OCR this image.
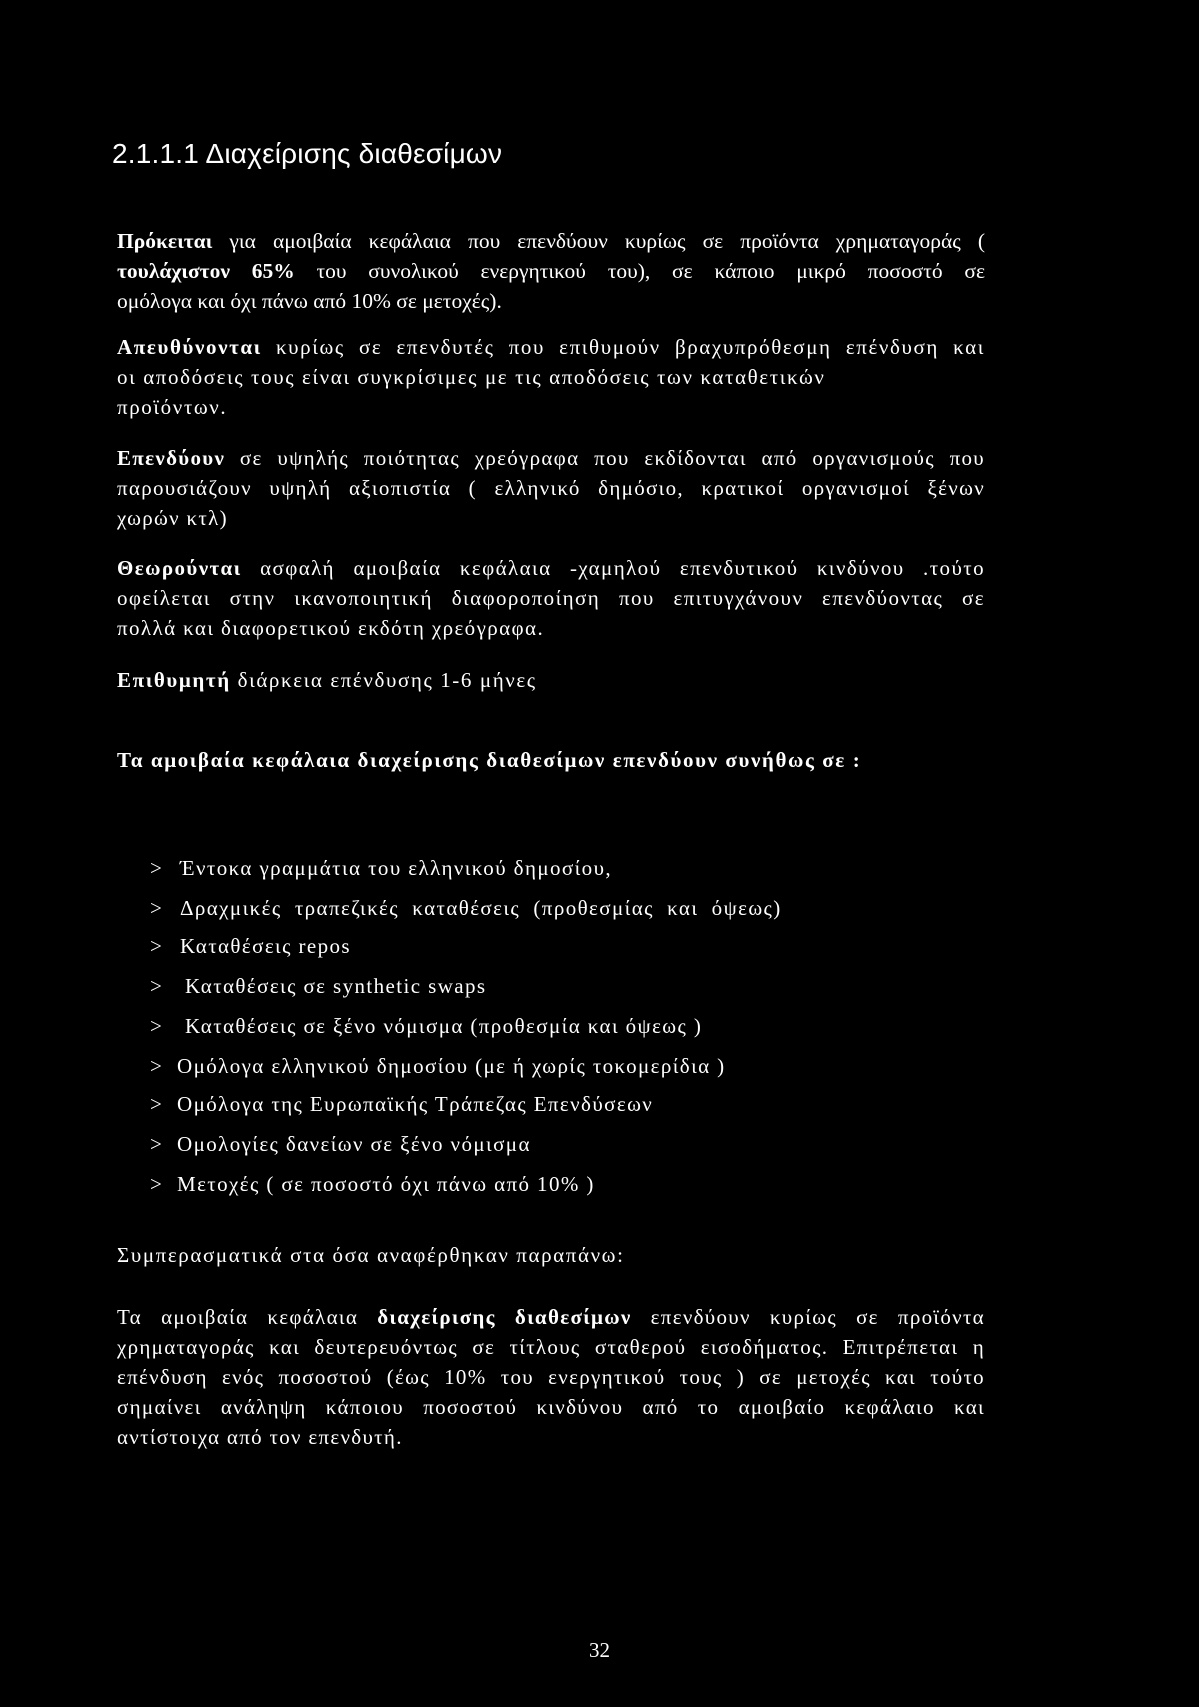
2.1.1.1 Διαχείρισης διαθεσίμων
Πρόκειται για αμοιβαία κεφάλαια που επενδύουν κυρίως σε προϊόντα χρηματαγοράς (
τουλάχιστον 65% του συνολικού ενεργητικού του), σε κάποιο μικρό ποσοστό σε
ομόλογα και όχι πάνω από 10% σε μετοχές).
Απευθύνονται κυρίως σε επενδυτές που επιθυμούν βραχυπρόθεσμη επένδυση και
οι αποδόσεις τους είναι συγκρίσιμες με τις αποδόσεις των καταθετικών
προϊόντων.
Επενδύουν σε υψηλής ποιότητας χρεόγραφα που εκδίδονται από οργανισμούς που
παρουσιάζουν υψηλή αξιοπιστία ( ελληνικό δημόσιο, κρατικοί οργανισμοί ξένων
χωρών κτλ)
Θεωρούνται ασφαλή αμοιβαία κεφάλαια -χαμηλού επενδυτικού κινδύνου .τούτο
οφείλεται στην ικανοποιητική διαφοροποίηση που επιτυγχάνουν επενδύοντας σε
πολλά και διαφορετικού εκδότη χρεόγραφα.
Επιθυμητή διάρκεια επένδυσης 1-6 μήνες
Τα αμοιβαία κεφάλαια διαχείρισης διαθεσίμων επενδύουν συνήθως σε :
> Έντοκα γραμμάτια του ελληνικού δημοσίου,
> Δραχμικές  τραπεζικές  καταθέσεις  (προθεσμίας  και  όψεως)
> Καταθέσεις repos
> Καταθέσεις σε synthetic swaps
> Καταθέσεις σε ξένο νόμισμα (προθεσμία και όψεως )
> Ομόλογα ελληνικού δημοσίου (με ή χωρίς τοκομερίδια )
> Ομόλογα της Ευρωπαϊκής Τράπεζας Επενδύσεων
> Ομολογίες δανείων σε ξένο νόμισμα
> Μετοχές ( σε ποσοστό όχι πάνω από 10% )
Συμπερασματικά στα όσα αναφέρθηκαν παραπάνω:
Τα αμοιβαία κεφάλαια διαχείρισης διαθεσίμων επενδύουν κυρίως σε προϊόντα
χρηματαγοράς και δευτερευόντως σε τίτλους σταθερού εισοδήματος. Επιτρέπεται η
επένδυση ενός ποσοστού (έως 10% του ενεργητικού τους ) σε μετοχές και τούτο
σημαίνει ανάληψη κάποιου ποσοστού κινδύνου από το αμοιβαίο κεφάλαιο και
αντίστοιχα από τον επενδυτή.
32
